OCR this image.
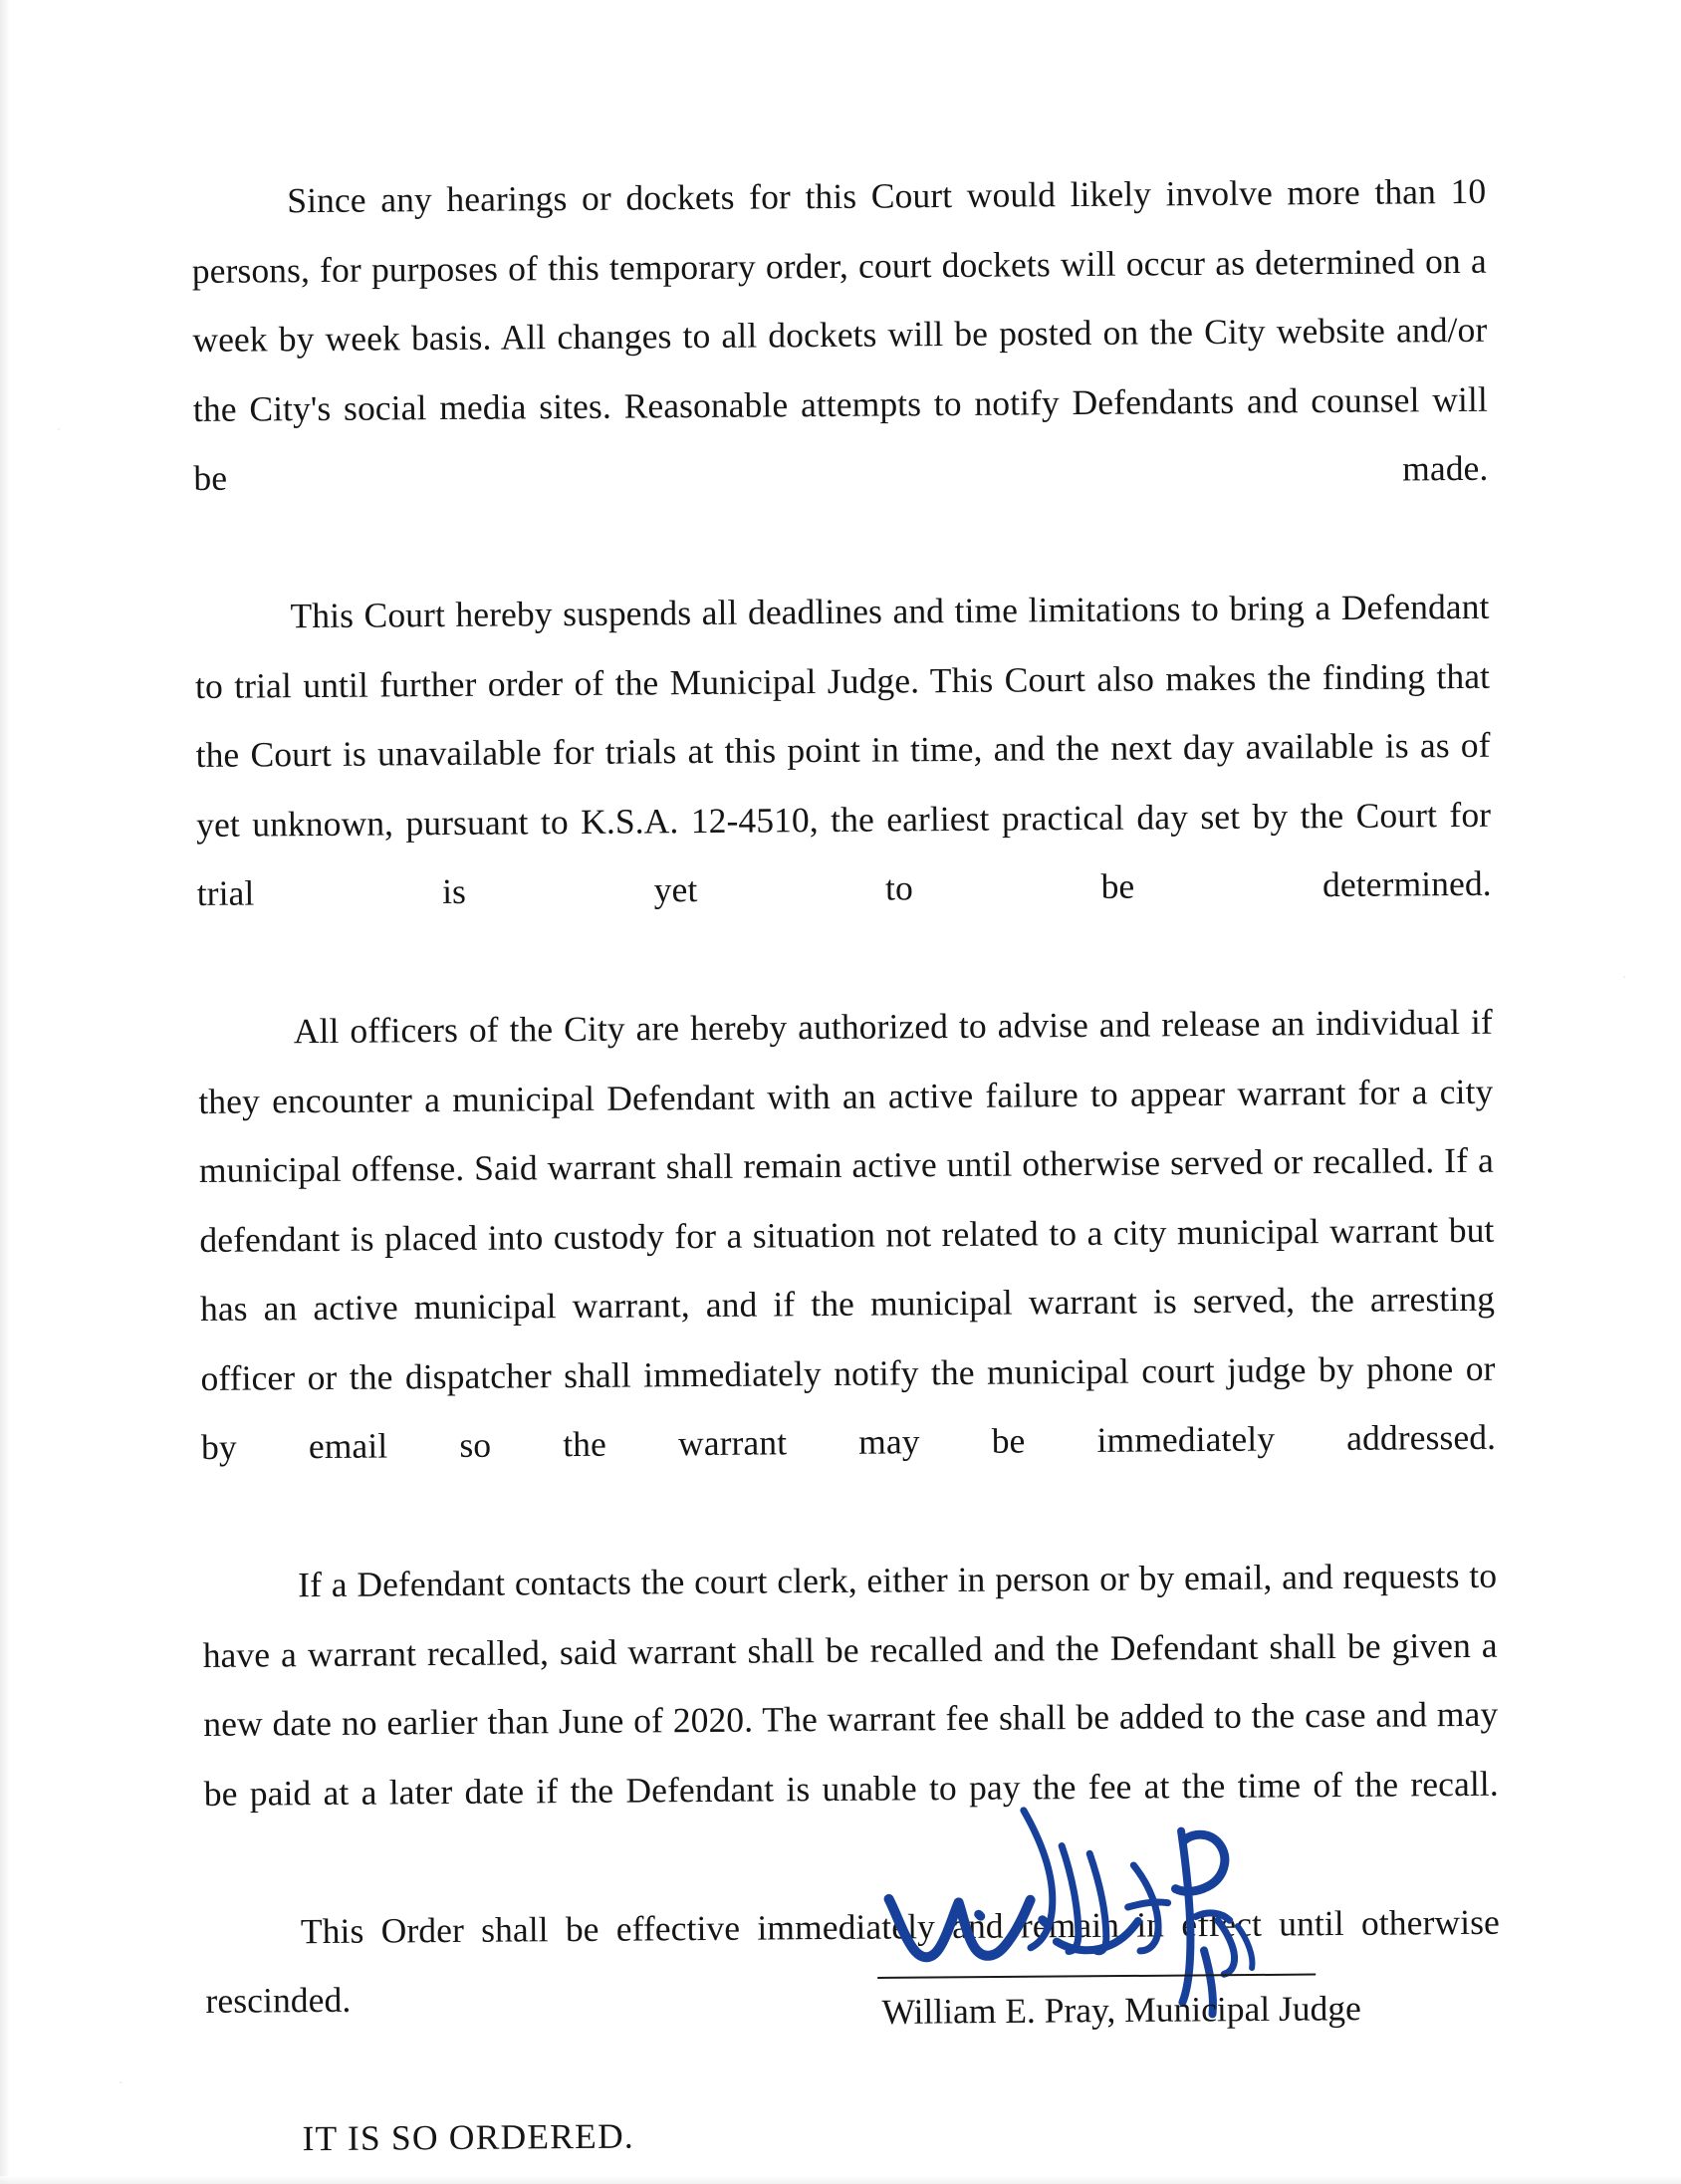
Since any hearings or dockets for this Court would likely involve more than 10 persons, for purposes of this temporary order, court dockets will occur as determined on a week by week basis. All changes to all dockets will be posted on the City website and/or the City's social media sites. Reasonable attempts to notify Defendants and counsel will be made.

This Court hereby suspends all deadlines and time limitations to bring a Defendant to trial until further order of the Municipal Judge. This Court also makes the finding that the Court is unavailable for trials at this point in time, and the next day available is as of yet unknown, pursuant to K.S.A. 12-4510, the earliest practical day set by the Court for trial is yet to be determined.

All officers of the City are hereby authorized to advise and release an individual if they encounter a municipal Defendant with an active failure to appear warrant for a city municipal offense. Said warrant shall remain active until otherwise served or recalled. If a defendant is placed into custody for a situation not related to a city municipal warrant but has an active municipal warrant, and if the municipal warrant is served, the arresting officer or the dispatcher shall immediately notify the municipal court judge by phone or by email so the warrant may be immediately addressed.

If a Defendant contacts the court clerk, either in person or by email, and requests to have a warrant recalled, said warrant shall be recalled and the Defendant shall be given a new date no earlier than June of 2020. The warrant fee shall be added to the case and may be paid at a later date if the Defendant is unable to pay the fee at the time of the recall.

This Order shall be effective immediately and remain in effect until otherwise rescinded.

IT IS SO ORDERED.

William E. Pray, Municipal Judge
